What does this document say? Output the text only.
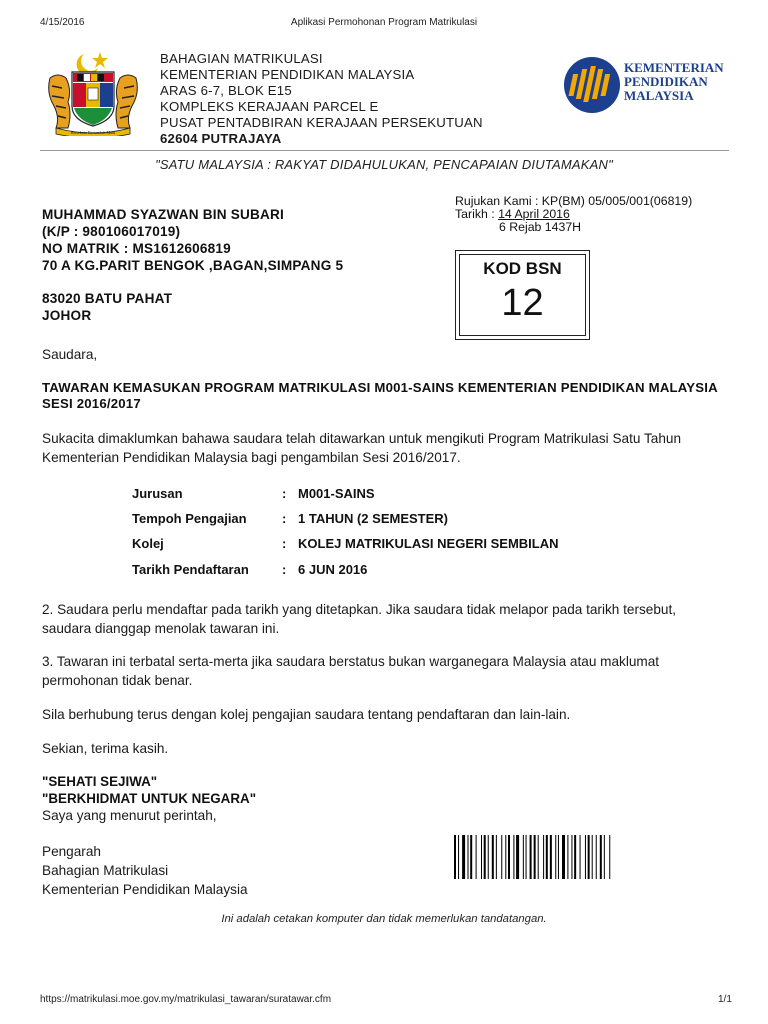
4/15/2016	Aplikasi Permohonan Program Matrikulasi
Bersekutu Bertambah Mutu
BAHAGIAN MATRIKULASI
KEMENTERIAN PENDIDIKAN MALAYSIA
ARAS 6-7, BLOK E15
KOMPLEKS KERAJAAN PARCEL E
PUSAT PENTADBIRAN KERAJAAN PERSEKUTUAN
62604 PUTRAJAYA
KEMENTERIAN
PENDIDIKAN
MALAYSIA
"SATU MALAYSIA : RAKYAT DIDAHULUKAN, PENCAPAIAN DIUTAMAKAN"
Rujukan Kami : KP(BM) 05/005/001(06819)
Tarikh : 14 April 2016
6 Rejab 1437H
MUHAMMAD SYAZWAN BIN SUBARI
(K/P : 980106017019)
NO MATRIK : MS1612606819
70 A KG.PARIT BENGOK ,BAGAN,SIMPANG 5
83020 BATU PAHAT
JOHOR
KOD BSN
12
Saudara,
TAWARAN KEMASUKAN PROGRAM MATRIKULASI M001-SAINS KEMENTERIAN PENDIDIKAN MALAYSIA SESI 2016/2017
Sukacita dimaklumkan bahawa saudara telah ditawarkan untuk mengikuti Program Matrikulasi Satu Tahun Kementerian Pendidikan Malaysia bagi pengambilan Sesi 2016/2017.
Jurusan	: M001-SAINS
Tempoh Pengajian	: 1 TAHUN (2 SEMESTER)
Kolej	: KOLEJ MATRIKULASI NEGERI SEMBILAN
Tarikh Pendaftaran	: 6 JUN 2016
2. Saudara perlu mendaftar pada tarikh yang ditetapkan. Jika saudara tidak melapor pada tarikh tersebut, saudara dianggap menolak tawaran ini.
3. Tawaran ini terbatal serta-merta jika saudara berstatus bukan warganegara Malaysia atau maklumat permohonan tidak benar.
Sila berhubung terus dengan kolej pengajian saudara tentang pendaftaran dan lain-lain.
Sekian, terima kasih.
"SEHATI SEJIWA"
"BERKHIDMAT UNTUK NEGARA"
Saya yang menurut perintah,
Pengarah
Bahagian Matrikulasi
Kementerian Pendidikan Malaysia
Ini adalah cetakan komputer dan tidak memerlukan tandatangan.
https://matrikulasi.moe.gov.my/matrikulasi_tawaran/suratawar.cfm	1/1
